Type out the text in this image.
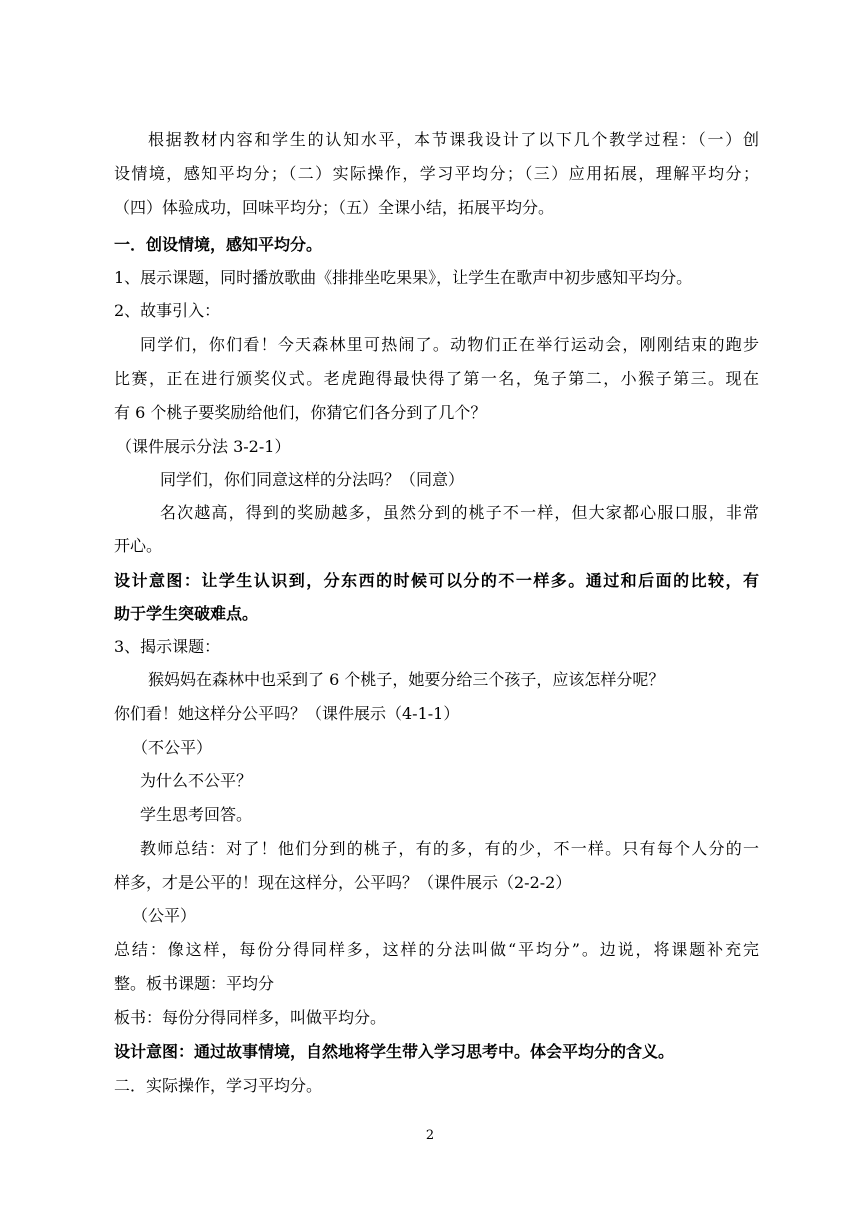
根据教材内容和学生的认知水平，本节课我设计了以下几个教学过程：（一）创
设情境，感知平均分；（二）实际操作，学习平均分；（三）应用拓展，理解平均分；
（四）体验成功，回味平均分；（五）全课小结，拓展平均分。
一．创设情境，感知平均分。
1、展示课题，同时播放歌曲《排排坐吃果果》，让学生在歌声中初步感知平均分。
2、故事引入：
同学们，你们看！今天森林里可热闹了。动物们正在举行运动会，刚刚结束的跑步
比赛，正在进行颁奖仪式。老虎跑得最快得了第一名，兔子第二，小猴子第三。现在
有 6 个桃子要奖励给他们，你猜它们各分到了几个？
（课件展示分法 3-2-1）
同学们，你们同意这样的分法吗？（同意）
名次越高，得到的奖励越多，虽然分到的桃子不一样，但大家都心服口服，非常
开心。
设计意图：让学生认识到，分东西的时候可以分的不一样多。通过和后面的比较，有
助于学生突破难点。
3、揭示课题：
猴妈妈在森林中也采到了 6 个桃子，她要分给三个孩子，应该怎样分呢？
你们看！她这样分公平吗？（课件展示（4-1-1）
（不公平）
为什么不公平？
学生思考回答。
教师总结：对了！他们分到的桃子，有的多，有的少，不一样。只有每个人分的一
样多，才是公平的！现在这样分，公平吗？（课件展示（2-2-2）
（公平）
总结：像这样，每份分得同样多，这样的分法叫做“平均分”。边说，将课题补充完
整。板书课题：平均分
板书：每份分得同样多，叫做平均分。
设计意图：通过故事情境，自然地将学生带入学习思考中。体会平均分的含义。
二．实际操作，学习平均分。
2
